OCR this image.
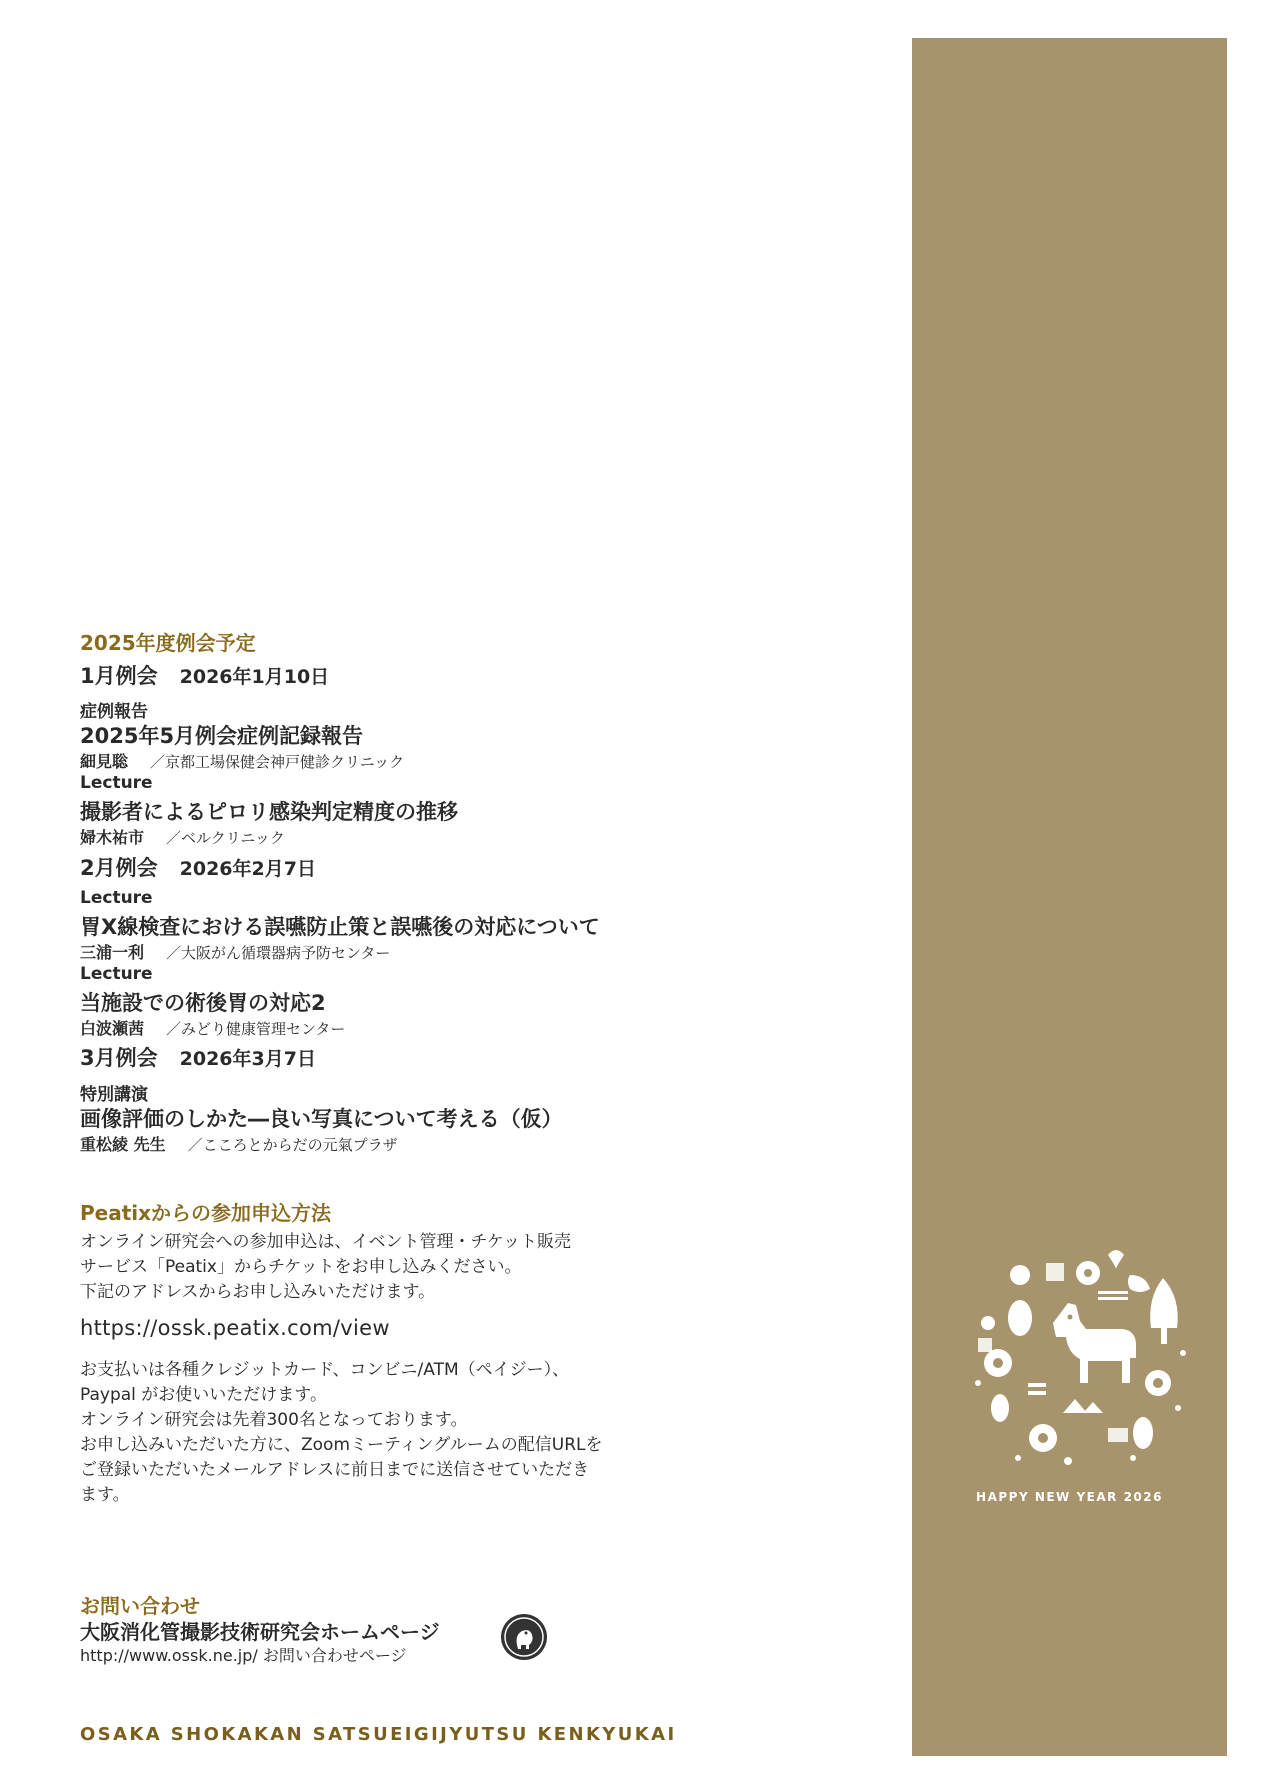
HAPPY NEW YEAR 2026
2025年度例会予定
1月例会 2026年1月10日
症例報告
2025年5月例会症例記録報告
細見聡 ／京都工場保健会神戸健診クリニック
Lecture
撮影者によるピロリ感染判定精度の推移
婦木祐市 ／ベルクリニック
2月例会 2026年2月7日
Lecture
胃X線検査における誤嚥防止策と誤嚥後の対応について
三浦一利 ／大阪がん循環器病予防センター
Lecture
当施設での術後胃の対応2
白波瀬茜 ／みどり健康管理センター
3月例会 2026年3月7日
特別講演
画像評価のしかた―良い写真について考える（仮）
重松綾 先生 ／こころとからだの元氣プラザ
Peatixからの参加申込方法
オンライン研究会への参加申込は、イベント管理・チケット販売
サービス「Peatix」からチケットをお申し込みください。
下記のアドレスからお申し込みいただけます。
https://ossk.peatix.com/view
お支払いは各種クレジットカード、コンビニ/ATM（ペイジー）、
Paypal がお使いいただけます。
オンライン研究会は先着300名となっております。
お申し込みいただいた方に、Zoomミーティングルームの配信URLを
ご登録いただいたメールアドレスに前日までに送信させていただき
ます。
お問い合わせ
大阪消化管撮影技術研究会ホームページ
http://www.ossk.ne.jp/ お問い合わせページ
OSAKA SHOKAKAN SATSUEIGIJYUTSU KENKYUKAI
